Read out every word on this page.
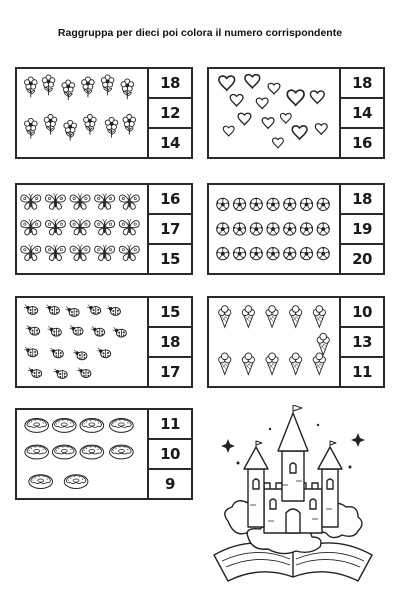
Raggruppa per dieci poi colora il numero corrispondente
18
12
14
18
14
16
16
17
15
18
19
20
15
18
17
10
13
11
11
10
9
